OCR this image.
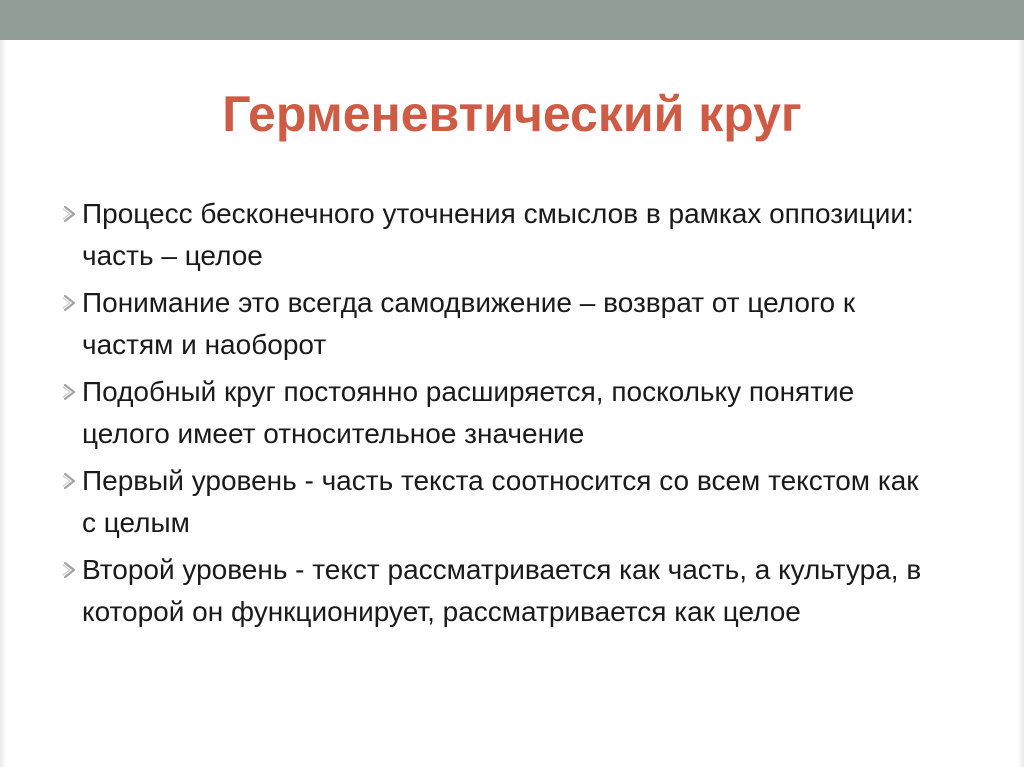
Герменевтический круг
Процесс бесконечного уточнения смыслов в рамках оппозиции: часть – целое
Понимание это всегда самодвижение – возврат от целого к частям и наоборот
Подобный круг постоянно расширяется, поскольку понятие целого имеет относительное значение
Первый уровень - часть текста соотносится со всем текстом как с целым
Второй уровень - текст рассматривается как часть, а культура, в которой он функционирует, рассматривается как целое
